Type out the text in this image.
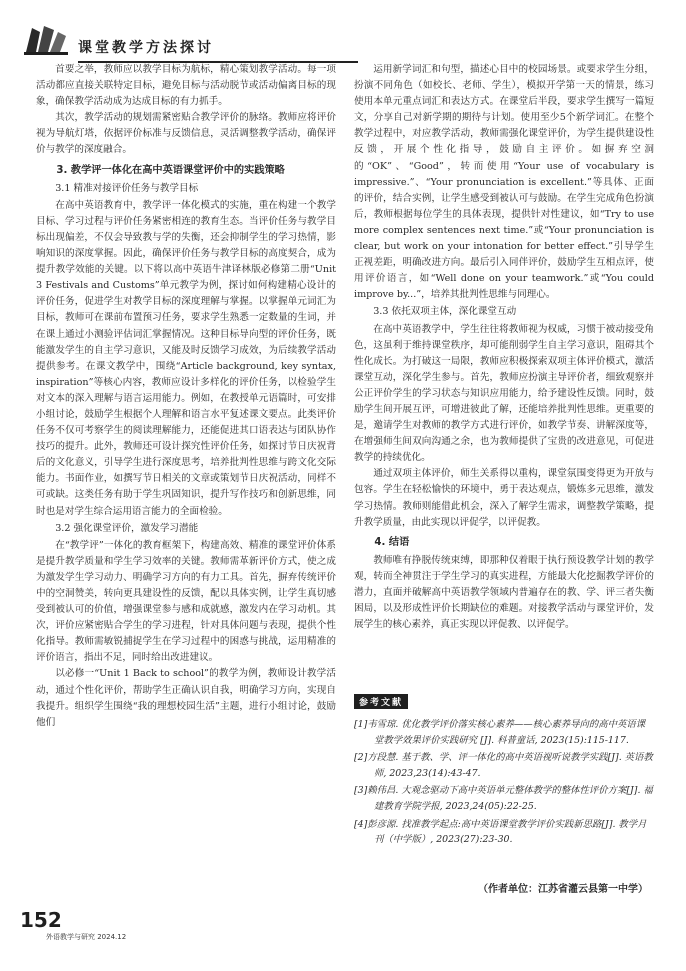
课堂教学方法探讨

首要之举，教师应以教学目标为航标，精心策划教学活动。每一项活动都应直接关联特定目标，避免目标与活动脱节或活动偏离目标的现象，确保教学活动成为达成目标的有力抓手。

其次，教学活动的规划需紧密贴合教学评价的脉络。教师应将评价视为导航灯塔，依据评价标准与反馈信息，灵活调整教学活动，确保评价与教学的深度融合。

3. 教学评一体化在高中英语课堂评价中的实践策略
3.1 精准对接评价任务与教学目标

在高中英语教育中，教学评一体化模式的实施，重在构建一个教学目标、学习过程与评价任务紧密相连的教育生态。当评价任务与教学目标出现偏差，不仅会导致教与学的失衡，还会抑制学生的学习热情，影响知识的深度掌握。因此，确保评价任务与教学目标的高度契合，成为提升教学效能的关键。以下将以高中英语牛津译林版必修第二册“Unit 3 Festivals and Customs”单元教学为例，探讨如何构建精心设计的评价任务，促进学生对教学目标的深度理解与掌握。以掌握单元词汇为目标，教师可在课前布置预习任务，要求学生熟悉一定数量的生词，并在课上通过小测验评估词汇掌握情况。这种目标导向型的评价任务，既能激发学生的自主学习意识，又能及时反馈学习成效，为后续教学活动提供参考。在课文教学中，围绕“Article background, key syntax, inspiration”等核心内容，教师应设计多样化的评价任务，以检验学生对文本的深入理解与语言运用能力。例如，在教授单元语篇时，可安排小组讨论，鼓励学生根据个人理解和语言水平复述课文要点。此类评价任务不仅可考察学生的阅读理解能力，还能促进其口语表达与团队协作技巧的提升。此外，教师还可设计探究性评价任务，如探讨节日庆祝背后的文化意义，引导学生进行深度思考，培养批判性思维与跨文化交际能力。书面作业，如撰写节日相关的文章或策划节日庆祝活动，同样不可或缺。这类任务有助于学生巩固知识，提升写作技巧和创新思维，同时也是对学生综合运用语言能力的全面检验。

3.2 强化课堂评价，激发学习潜能

在“教学评”一体化的教育框架下，构建高效、精准的课堂评价体系是提升教学质量和学生学习效率的关键。教师需革新评价方式，使之成为激发学生学习动力、明确学习方向的有力工具。首先，摒弃传统评价中的空洞赞美，转向更具建设性的反馈，配以具体实例，让学生真切感受到被认可的价值，增强课堂参与感和成就感，激发内在学习动机。其次，评价应紧密贴合学生的学习进程，针对具体问题与表现，提供个性化指导。教师需敏锐捕捉学生在学习过程中的困惑与挑战，运用精准的评价语言，指出不足，同时给出改进建议。

以必修一“Unit 1 Back to school”的教学为例，教师设计教学活动，通过个性化评价，帮助学生正确认识自我，明确学习方向，实现自我提升。组织学生围绕“我的理想校园生活”主题，进行小组讨论，鼓励他们

运用新学词汇和句型，描述心目中的校园场景。或要求学生分组，扮演不同角色（如校长、老师、学生），模拟开学第一天的情景，练习使用本单元重点词汇和表达方式。在课堂后半段，要求学生撰写一篇短文，分享自己对新学期的期待与计划。使用至少5个新学词汇。在整个教学过程中，对应教学活动，教师需强化课堂评价，为学生提供建设性反馈，开展个性化指导，鼓励自主评价。如摒弃空洞的“OK”、“Good”，转而使用“Your use of vocabulary is impressive.”、“Your pronunciation is excellent.”等具体、正面的评价，结合实例，让学生感受到被认可与鼓励。在学生完成角色扮演后，教师根据每位学生的具体表现，提供针对性建议，如“Try to use more complex sentences next time.”或“Your pronunciation is clear, but work on your intonation for better effect.”引导学生正视差距，明确改进方向。最后引入同伴评价，鼓励学生互相点评，使用评价语言，如“Well done on your teamwork.”或“You could improve by...”，培养其批判性思维与同理心。

3.3 依托双项主体，深化课堂互动

在高中英语教学中，学生往往将教师视为权威，习惯于被动接受角色，这虽利于维持课堂秩序，却可能削弱学生自主学习意识，阻碍其个性化成长。为打破这一局限，教师应积极探索双项主体评价模式，激活课堂互动，深化学生参与。首先，教师应扮演主导评价者，细致观察并公正评价学生的学习状态与知识应用能力，给予建设性反馈。同时，鼓励学生间开展互评，可增进彼此了解，还能培养批判性思维。更重要的是，邀请学生对教师的教学方式进行评价，如教学节奏、讲解深度等，在增强师生间双向沟通之余，也为教师提供了宝贵的改进意见，可促进教学的持续优化。

通过双项主体评价，师生关系得以重构，课堂氛围变得更为开放与包容。学生在轻松愉快的环境中，勇于表达观点，锻炼多元思维，激发学习热情。教师则能借此机会，深入了解学生需求，调整教学策略，提升教学质量，由此实现以评促学，以评促教。

4. 结语

教师唯有挣脱传统束缚，即那种仅着眼于执行预设教学计划的教学观，转而全神贯注于学生学习的真实进程，方能最大化挖掘教学评价的潜力，直面并破解高中英语教学领域内普遍存在的教、学、评三者失衡困局，以及形成性评价长期缺位的难题。对接教学活动与课堂评价，发展学生的核心素养，真正实现以评促教、以评促学。

参考文献
[1]韦雪琼. 优化教学评价落实核心素养——核心素养导向的高中英语课堂教学效果评价实践研究 [J]. 科普童话, 2023(15):115-117.
[2]方段慧. 基于教、学、评一体化的高中英语视听说教学实践[J]. 英语教师, 2023,23(14):43-47.
[3]赖伟昌. 大观念驱动下高中英语单元整体教学的整体性评价方案[J]. 福建教育学院学报, 2023,24(05):22-25.
[4]彭彦源. 找准教学起点:高中英语课堂教学评价实践新思路[J]. 教学月刊（中学版）, 2023(27):23-30.
（作者单位：江苏省灌云县第一中学）
152
外语教学与研究 2024.12
